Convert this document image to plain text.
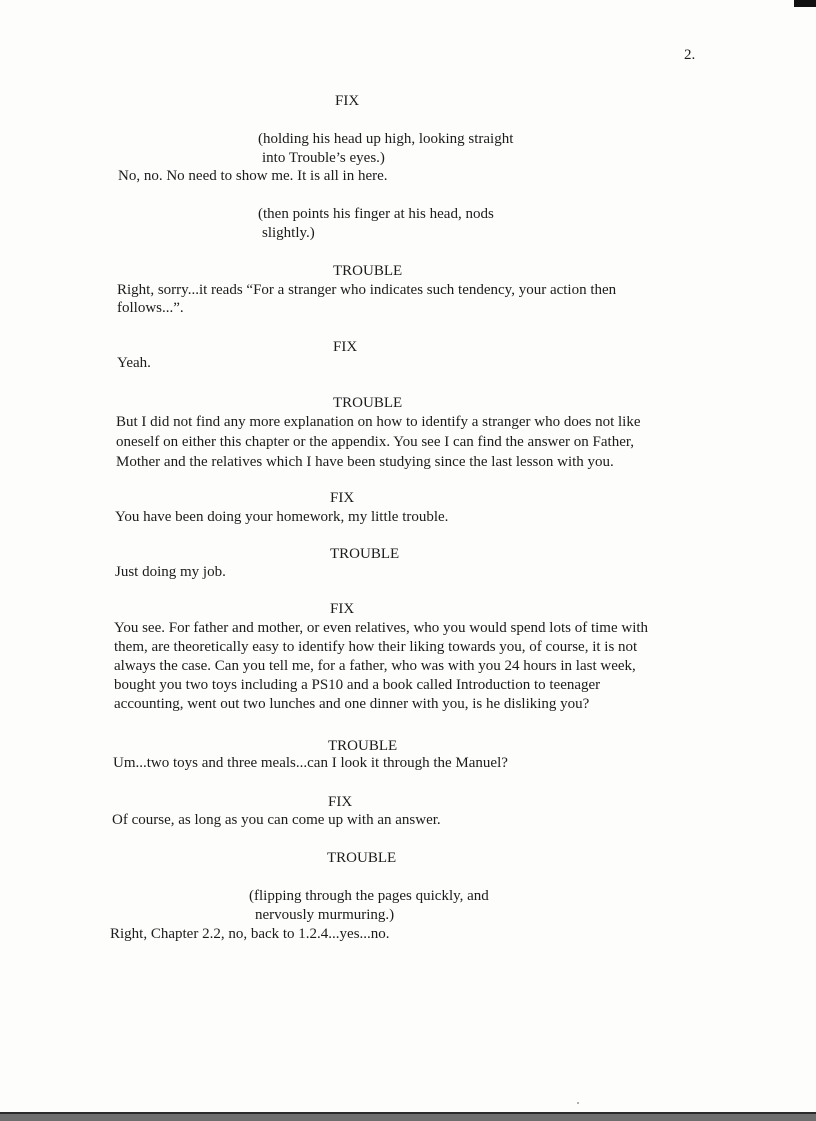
2.
FIX
(holding his head up high, looking straight
into Trouble’s eyes.)
No, no. No need to show me. It is all in here.
(then points his finger at his head, nods
slightly.)
TROUBLE
Right, sorry...it reads “For a stranger who indicates such tendency, your action then
follows...”.
FIX
Yeah.
TROUBLE
But I did not find any more explanation on how to identify a stranger who does not like
oneself on either this chapter or the appendix. You see I can find the answer on Father,
Mother and the relatives which I have been studying since the last lesson with you.
FIX
You have been doing your homework, my little trouble.
TROUBLE
Just doing my job.
FIX
You see. For father and mother, or even relatives, who you would spend lots of time with
them, are theoretically easy to identify how their liking towards you, of course, it is not
always the case. Can you tell me, for a father, who was with you 24 hours in last week,
bought you two toys including a PS10 and a book called Introduction to teenager
accounting, went out two lunches and one dinner with you, is he disliking you?
TROUBLE
Um...two toys and three meals...can I look it through the Manuel?
FIX
Of course, as long as you can come up with an answer.
TROUBLE
(flipping through the pages quickly, and
nervously murmuring.)
Right, Chapter 2.2, no, back to 1.2.4...yes...no.
